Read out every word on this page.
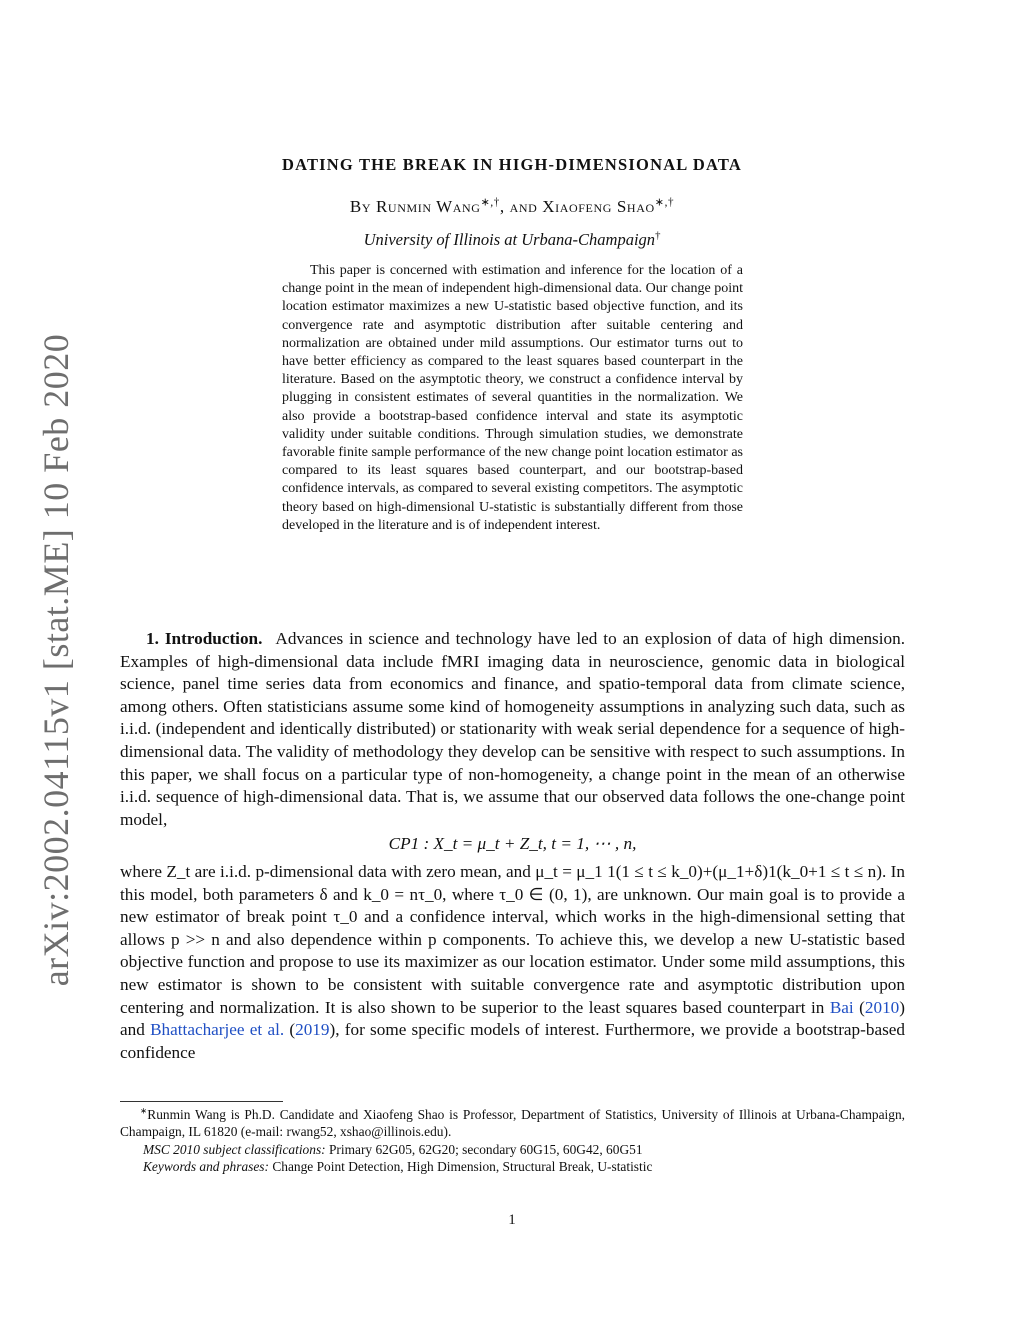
arXiv:2002.04115v1 [stat.ME] 10 Feb 2020
DATING THE BREAK IN HIGH-DIMENSIONAL DATA
By Runmin Wang∗,†, and Xiaofeng Shao∗,†
University of Illinois at Urbana-Champaign†

This paper is concerned with estimation and inference for the location of a change point in the mean of independent high-dimensional data. Our change point location estimator maximizes a new U-statistic based objective function, and its convergence rate and asymptotic distribution after suitable centering and normalization are obtained under mild assumptions. Our estimator turns out to have better efficiency as compared to the least squares based counterpart in the literature. Based on the asymptotic theory, we construct a confidence interval by plugging in consistent estimates of several quantities in the normalization. We also provide a bootstrap-based confidence interval and state its asymptotic validity under suitable conditions. Through simulation studies, we demonstrate favorable finite sample performance of the new change point location estimator as compared to its least squares based counterpart, and our bootstrap-based confidence intervals, as compared to several existing competitors. The asymptotic theory based on high-dimensional U-statistic is substantially different from those developed in the literature and is of independent interest.

1. Introduction. Advances in science and technology have led to an explosion of data of high dimension. Examples of high-dimensional data include fMRI imaging data in neuroscience, genomic data in biological science, panel time series data from economics and finance, and spatio-temporal data from climate science, among others. Often statisticians assume some kind of homogeneity assumptions in analyzing such data, such as i.i.d. (independent and identically distributed) or stationarity with weak serial dependence for a sequence of high-dimensional data. The validity of methodology they develop can be sensitive with respect to such assumptions. In this paper, we shall focus on a particular type of non-homogeneity, a change point in the mean of an otherwise i.i.d. sequence of high-dimensional data. That is, we assume that our observed data follows the one-change point model,

CP1 : X_t = μ_t + Z_t, t = 1, ⋯ , n,

where Z_t are i.i.d. p-dimensional data with zero mean, and μ_t = μ_1 1(1 ≤ t ≤ k_0)+(μ_1+δ)1(k_0+1 ≤ t ≤ n). In this model, both parameters δ and k_0 = nτ_0, where τ_0 ∈ (0, 1), are unknown. Our main goal is to provide a new estimator of break point τ_0 and a confidence interval, which works in the high-dimensional setting that allows p >> n and also dependence within p components. To achieve this, we develop a new U-statistic based objective function and propose to use its maximizer as our location estimator. Under some mild assumptions, this new estimator is shown to be consistent with suitable convergence rate and asymptotic distribution upon centering and normalization. It is also shown to be superior to the least squares based counterpart in Bai (2010) and Bhattacharjee et al. (2019), for some specific models of interest. Furthermore, we provide a bootstrap-based confidence

∗Runmin Wang is Ph.D. Candidate and Xiaofeng Shao is Professor, Department of Statistics, University of Illinois at Urbana-Champaign, Champaign, IL 61820 (e-mail: rwang52, xshao@illinois.edu).

MSC 2010 subject classifications: Primary 62G05, 62G20; secondary 60G15, 60G42, 60G51

Keywords and phrases: Change Point Detection, High Dimension, Structural Break, U-statistic

1
